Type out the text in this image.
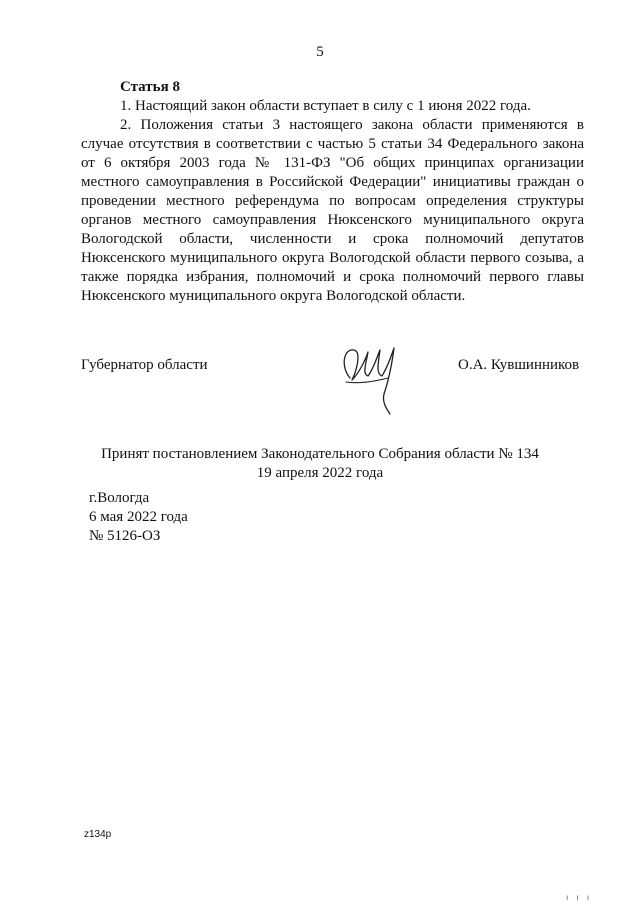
5
Статья 8
1. Настоящий закон области вступает в силу с 1 июня 2022 года.
2. Положения статьи 3 настоящего закона области применяются в случае отсутствия в соответствии с частью 5 статьи 34 Федерального закона от 6 октября 2003 года № 131-ФЗ "Об общих принципах организации местного самоуправления в Российской Федерации" инициативы граждан о проведении местного референдума по вопросам определения структуры органов местного самоуправления Нюксенского муниципального округа Вологодской области, численности и срока полномочий депутатов Нюксенского муниципального округа Вологодской области первого созыва, а также порядка избрания, полномочий и срока полномочий первого главы Нюксенского муниципального округа Вологодской области.
Губернатор области	О.А. Кувшинников
Принят постановлением Законодательного Собрания области № 134
19 апреля 2022 года
г.Вологда
6 мая 2022 года
№ 5126-ОЗ
z134p
ı ı ı
